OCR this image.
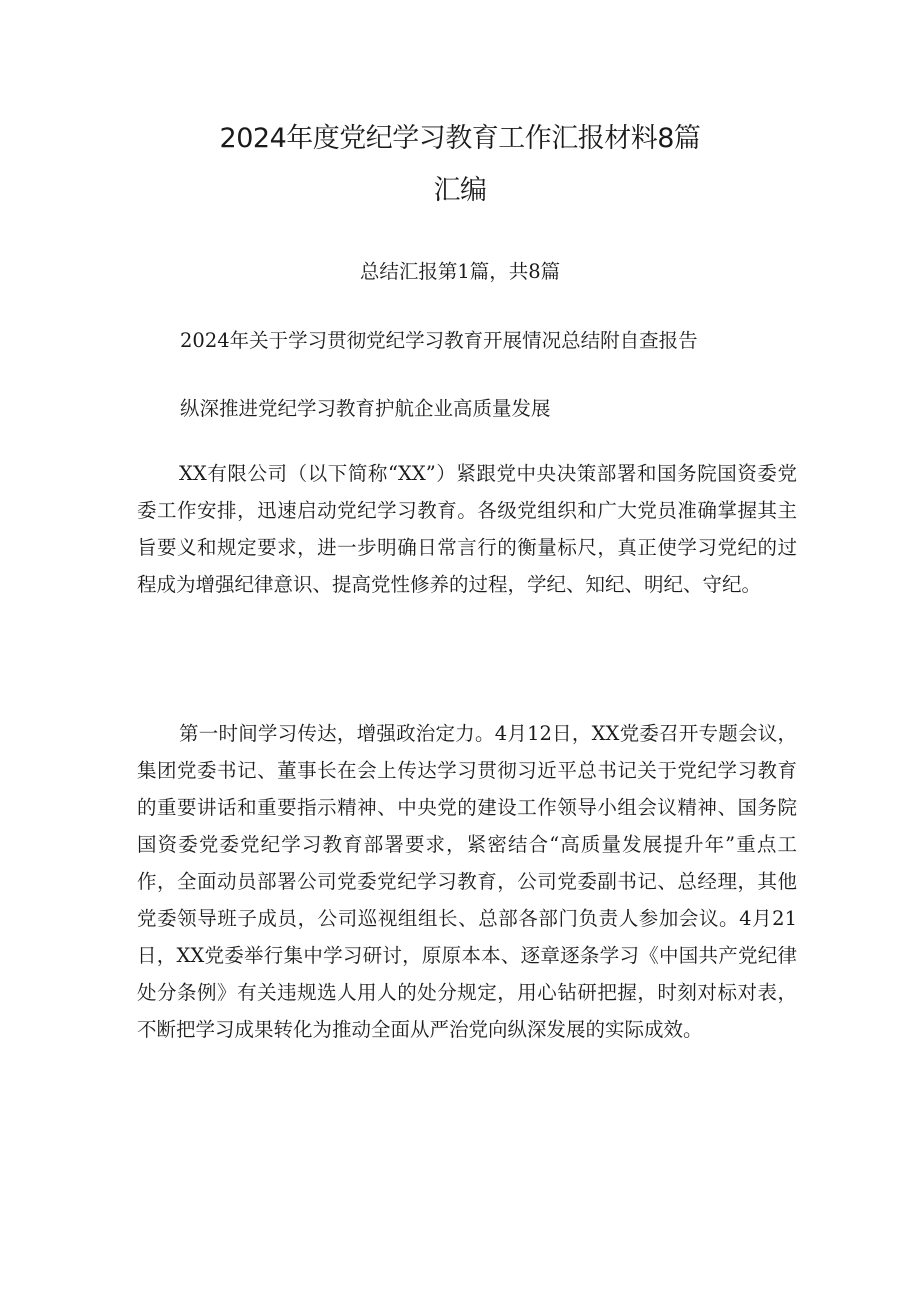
2024年度党纪学习教育工作汇报材料8篇
汇编

总结汇报第1篇，共8篇

2024年关于学习贯彻党纪学习教育开展情况总结附自查报告

纵深推进党纪学习教育护航企业高质量发展

XX有限公司（以下简称“XX”）紧跟党中央决策部署和国务院国资委党委工作安排，迅速启动党纪学习教育。各级党组织和广大党员准确掌握其主旨要义和规定要求，进一步明确日常言行的衡量标尺，真正使学习党纪的过程成为增强纪律意识、提高党性修养的过程，学纪、知纪、明纪、守纪。

第一时间学习传达，增强政治定力。4月12日，XX党委召开专题会议，集团党委书记、董事长在会上传达学习贯彻习近平总书记关于党纪学习教育的重要讲话和重要指示精神、中央党的建设工作领导小组会议精神、国务院国资委党委党纪学习教育部署要求，紧密结合“高质量发展提升年”重点工作，全面动员部署公司党委党纪学习教育，公司党委副书记、总经理，其他党委领导班子成员，公司巡视组组长、总部各部门负责人参加会议。4月21日，XX党委举行集中学习研讨，原原本本、逐章逐条学习《中国共产党纪律处分条例》有关违规选人用人的处分规定，用心钻研把握，时刻对标对表，不断把学习成果转化为推动全面从严治党向纵深发展的实际成效。
